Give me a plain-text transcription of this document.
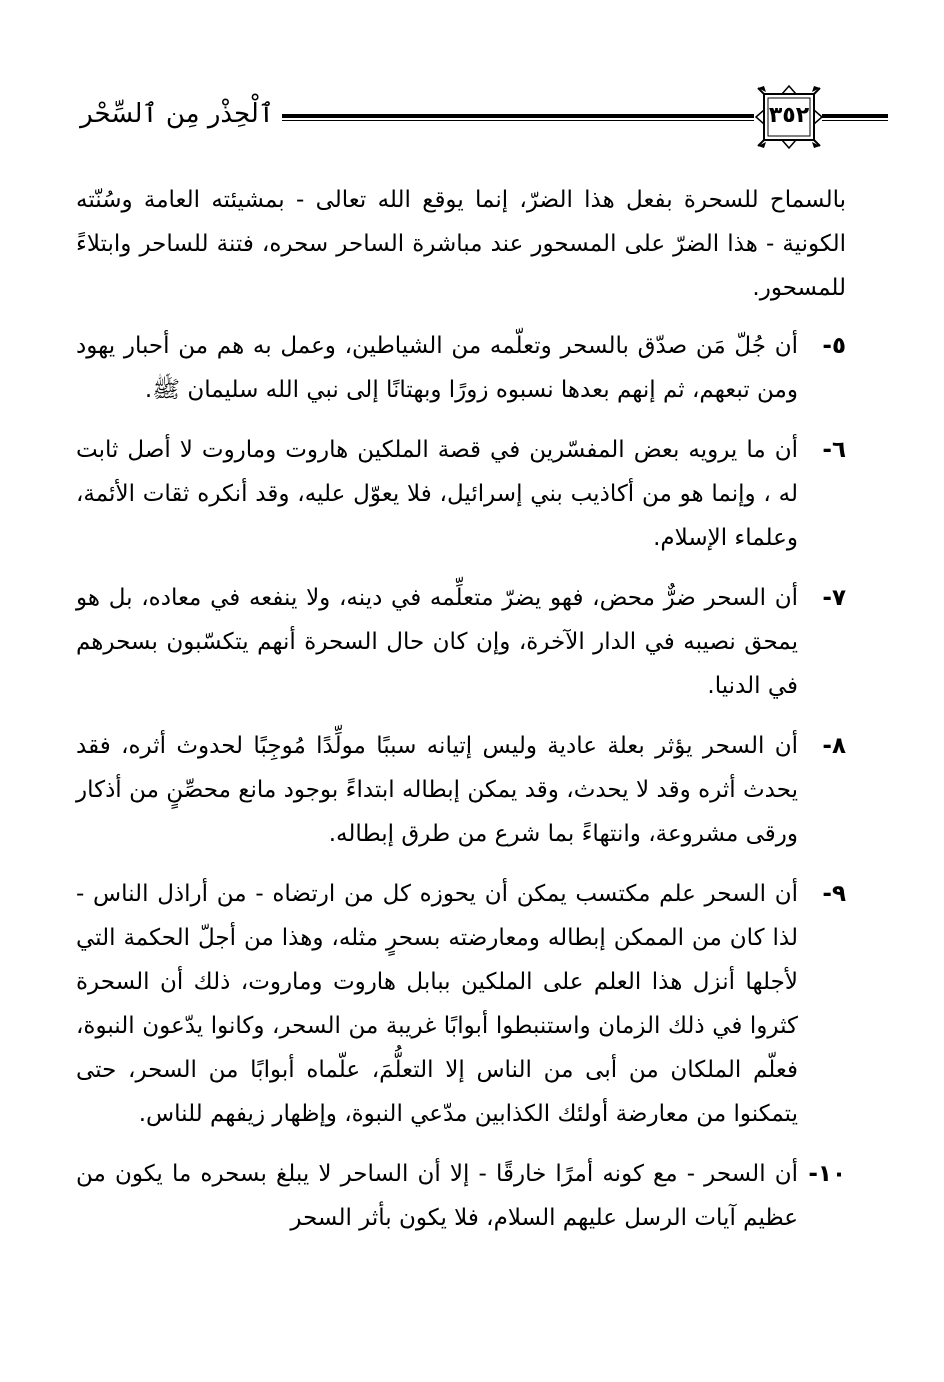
ٱلْحِذْر مِن ٱلسِّحْر	٣٥٢

بالسماح للسحرة بفعل هذا الضرّ، إنما يوقع الله تعالى - بمشيئته العامة وسُنّته الكونية - هذا الضرّ على المسحور عند مباشرة الساحر سحره، فتنة للساحر وابتلاءً للمسحور.

٥-
أن جُلّ مَن صدّق بالسحر وتعلّمه من الشياطين، وعمل به هم من أحبار يهود ومن تبعهم، ثم إنهم بعدها نسبوه زورًا وبهتانًا إلى نبي الله سليمان ﷺ.
٦-
أن ما يرويه بعض المفسّرين في قصة الملكين هاروت وماروت لا أصل ثابت له ، وإنما هو من أكاذيب بني إسرائيل، فلا يعوّل عليه، وقد أنكره ثقات الأئمة، وعلماء الإسلام.
٧-
أن السحر ضرٌّ محض، فهو يضرّ متعلِّمه في دينه، ولا ينفعه في معاده، بل هو يمحق نصيبه في الدار الآخرة، وإن كان حال السحرة أنهم يتكسّبون بسحرهم في الدنيا.
٨-
أن السحر يؤثر بعلة عادية وليس إتيانه سببًا مولِّدًا مُوجِبًا لحدوث أثره، فقد يحدث أثره وقد لا يحدث، وقد يمكن إبطاله ابتداءً بوجود مانع محصِّنٍ من أذكار ورقى مشروعة، وانتهاءً بما شرع من طرق إبطاله.
٩-
أن السحر علم مكتسب يمكن أن يحوزه كل من ارتضاه - من أراذل الناس - لذا كان من الممكن إبطاله ومعارضته بسحرٍ مثله، وهذا من أجلّ الحكمة التي لأجلها أنزل هذا العلم على الملكين ببابل هاروت وماروت، ذلك أن السحرة كثروا في ذلك الزمان واستنبطوا أبوابًا غريبة من السحر، وكانوا يدّعون النبوة، فعلّم الملكان من أبى من الناس إلا التعلُّمَ، علّماه أبوابًا من السحر، حتى يتمكنوا من معارضة أولئك الكذابين مدّعي النبوة، وإظهار زيفهم للناس.
١٠-
أن السحر - مع كونه أمرًا خارقًا - إلا أن الساحر لا يبلغ بسحره ما يكون من عظيم آيات الرسل عليهم السلام، فلا يكون بأثر السحر
